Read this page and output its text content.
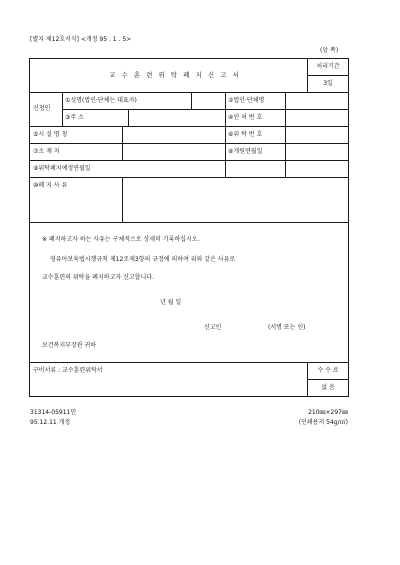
[별지 제12호서식] <개정 95 . 1 . 5>
(앞 쪽)
교 수 훈 련 위 탁 폐 지 신 고 서
처리기간
3일
신청인
①성명(법인·단체는 대표자)	②법인·단체명
③주 소	④인 허 번 호
⑤시 설 명 칭	⑥위 탁 번 호
⑦소 재 지	⑧개원연월일
⑨위탁폐지예정연월일
⑩폐 지 사 유
※ 폐지하고자 하는 사유는 구체적으로 상세히 기록하십시오.
영유아보육법시행규칙 제12조제3항의 규정에 의하여 위와 같은 사유로
교수훈련의 위탁을 폐지하고자 신고합니다.
년 월 일
신고인	(서명 또는 인)
보건복지부장관 귀하
구비서류 : 교수훈련위탁서	수 수 료
없 음
31314-05911민
95.12.11 개정
210㎜×297㎜
(인쇄용지 54g/㎡)
